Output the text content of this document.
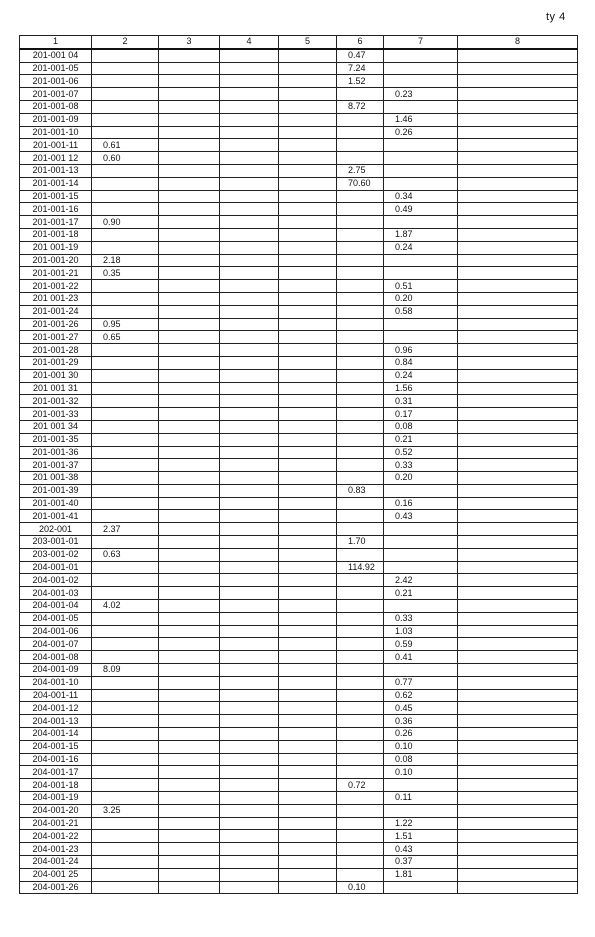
ty 4
1	2	3	4	5	6	7	8
201-001 04					0.47		
201-001-05					7.24		
201-001-06					1.52		
201-001-07						0.23	
201-001-08					8.72		
201-001-09						1.46	
201-001-10						0.26	
201-001-11	0.61						
201-001 12	0.60						
201-001-13					2.75		
201-001-14					70.60		
201-001-15						0.34	
201-001-16						0.49	
201-001-17	0.90						
201-001-18						1.87	
201 001-19						0.24	
201-001-20	2.18						
201-001-21	0.35						
201-001-22						0.51	
201 001-23						0.20	
201-001-24						0.58	
201-001-26	0.95						
201-001-27	0.65						
201-001-28						0.96	
201-001-29						0.84	
201-001 30						0.24	
201 001 31						1.56	
201-001-32						0.31	
201-001-33						0.17	
201 001 34						0.08	
201-001-35						0.21	
201-001-36						0.52	
201-001-37						0.33	
201 001-38						0.20	
201-001-39					0.83		
201-001-40						0.16	
201-001-41						0.43	
202-001	2.37						
203-001-01					1.70		
203-001-02	0.63						
204-001-01					114.92		
204-001-02						2.42	
204-001-03						0.21	
204-001-04	4.02						
204-001-05						0.33	
204-001-06						1.03	
204-001-07						0.59	
204-001-08						0.41	
204-001-09	8.09						
204-001-10						0.77	
204-001-11						0.62	
204-001-12						0.45	
204-001-13						0.36	
204-001-14						0.26	
204-001-15						0.10	
204-001-16						0.08	
204-001-17						0.10	
204-001-18					0.72		
204-001-19						0.11	
204-001-20	3.25						
204-001-21						1.22	
204-001-22						1.51	
204-001-23						0.43	
204-001-24						0.37	
204-001 25						1.81	
204-001-26					0.10		
